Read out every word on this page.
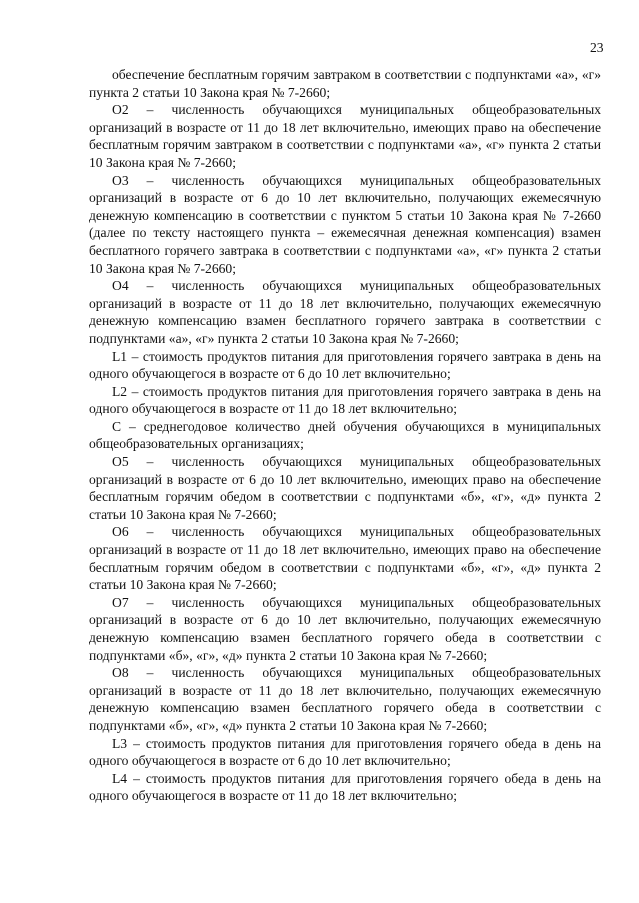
23

обеспечение бесплатным горячим завтраком в соответствии с подпунктами «а», «г» пункта 2 статьи 10 Закона края № 7-2660;

O2 – численность обучающихся муниципальных общеобразовательных организаций в возрасте от 11 до 18 лет включительно, имеющих право на обеспечение бесплатным горячим завтраком в соответствии с подпунктами «а», «г» пункта 2 статьи 10 Закона края № 7-2660;

O3 – численность обучающихся муниципальных общеобразовательных организаций в возрасте от 6 до 10 лет включительно, получающих ежемесячную денежную компенсацию в соответствии с пунктом 5 статьи 10 Закона края № 7-2660 (далее по тексту настоящего пункта – ежемесячная денежная компенсация) взамен бесплатного горячего завтрака в соответствии с подпунктами «а», «г» пункта 2 статьи 10 Закона края № 7-2660;

O4 – численность обучающихся муниципальных общеобразовательных организаций в возрасте от 11 до 18 лет включительно, получающих ежемесячную денежную компенсацию взамен бесплатного горячего завтрака в соответствии с подпунктами «а», «г» пункта 2 статьи 10 Закона края № 7-2660;

L1 – стоимость продуктов питания для приготовления горячего завтрака в день на одного обучающегося в возрасте от 6 до 10 лет включительно;

L2 – стоимость продуктов питания для приготовления горячего завтрака в день на одного обучающегося в возрасте от 11 до 18 лет включительно;

C – среднегодовое количество дней обучения обучающихся в муниципальных общеобразовательных организациях;

O5 – численность обучающихся муниципальных общеобразовательных организаций в возрасте от 6 до 10 лет включительно, имеющих право на обеспечение бесплатным горячим обедом в соответствии с подпунктами «б», «г», «д» пункта 2 статьи 10 Закона края № 7-2660;

O6 – численность обучающихся муниципальных общеобразовательных организаций в возрасте от 11 до 18 лет включительно, имеющих право на обеспечение бесплатным горячим обедом в соответствии с подпунктами «б», «г», «д» пункта 2 статьи 10 Закона края № 7-2660;

O7 – численность обучающихся муниципальных общеобразовательных организаций в возрасте от 6 до 10 лет включительно, получающих ежемесячную денежную компенсацию взамен бесплатного горячего обеда в соответствии с подпунктами «б», «г», «д» пункта 2 статьи 10 Закона края № 7-2660;

O8 – численность обучающихся муниципальных общеобразовательных организаций в возрасте от 11 до 18 лет включительно, получающих ежемесячную денежную компенсацию взамен бесплатного горячего обеда в соответствии с подпунктами «б», «г», «д» пункта 2 статьи 10 Закона края № 7-2660;

L3 – стоимость продуктов питания для приготовления горячего обеда в день на одного обучающегося в возрасте от 6 до 10 лет включительно;

L4 – стоимость продуктов питания для приготовления горячего обеда в день на одного обучающегося в возрасте от 11 до 18 лет включительно;
